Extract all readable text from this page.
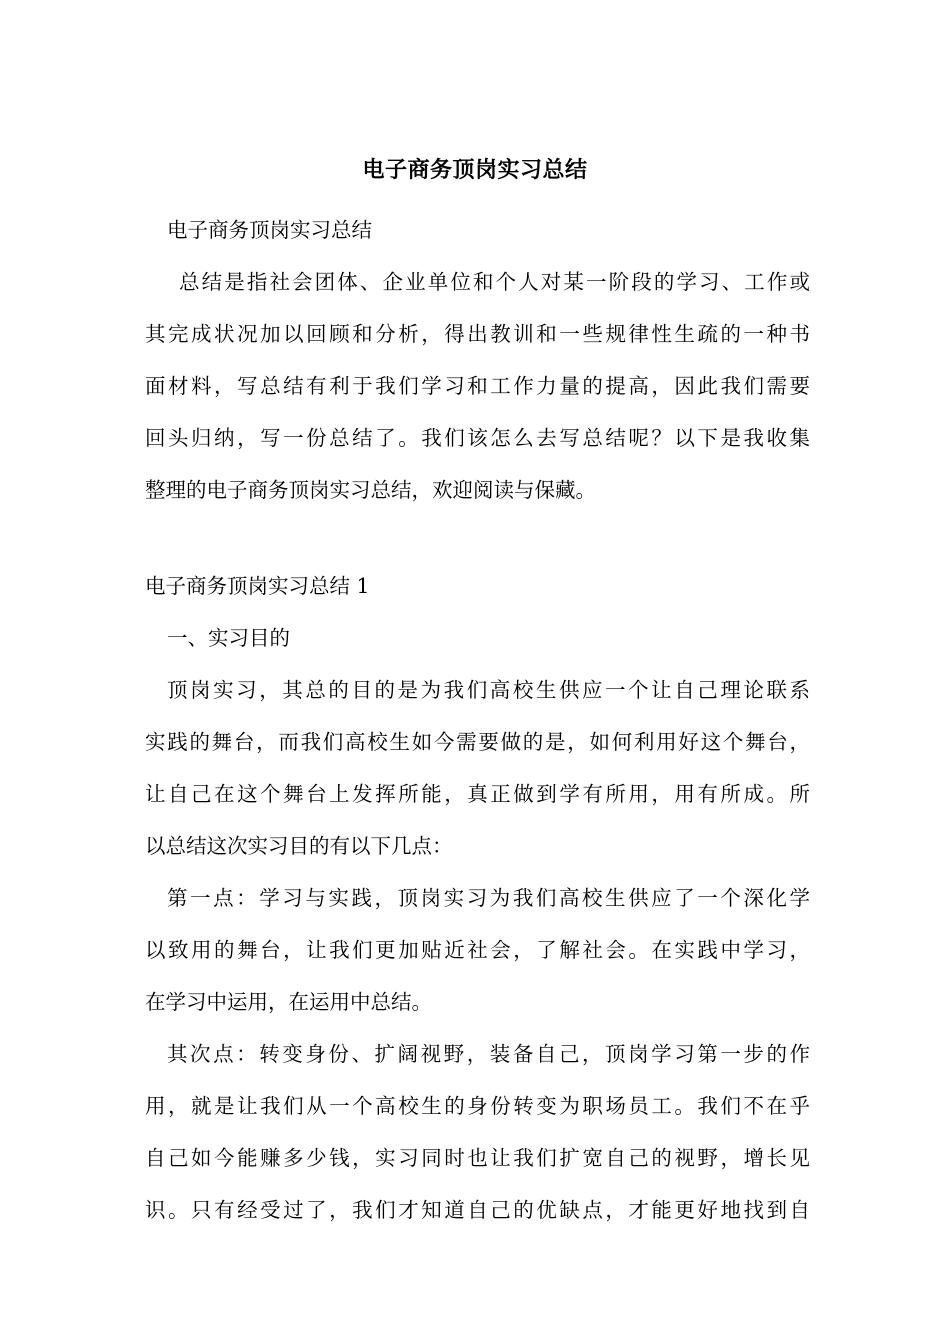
电子商务顶岗实习总结
电子商务顶岗实习总结
总结是指社会团体、企业单位和个人对某一阶段的学习、工作或
其完成状况加以回顾和分析，得出教训和一些规律性生疏的一种书
面材料，写总结有利于我们学习和工作力量的提高，因此我们需要
回头归纳，写一份总结了。我们该怎么去写总结呢？以下是我收集
整理的电子商务顶岗实习总结，欢迎阅读与保藏。
电子商务顶岗实习总结 1
一、实习目的
顶岗实习，其总的目的是为我们高校生供应一个让自己理论联系
实践的舞台，而我们高校生如今需要做的是，如何利用好这个舞台，
让自己在这个舞台上发挥所能，真正做到学有所用，用有所成。所
以总结这次实习目的有以下几点：
第一点：学习与实践，顶岗实习为我们高校生供应了一个深化学
以致用的舞台，让我们更加贴近社会，了解社会。在实践中学习，
在学习中运用，在运用中总结。
其次点：转变身份、扩阔视野，装备自己，顶岗学习第一步的作
用，就是让我们从一个高校生的身份转变为职场员工。我们不在乎
自己如今能赚多少钱，实习同时也让我们扩宽自己的视野，增长见
识。只有经受过了，我们才知道自己的优缺点，才能更好地找到自
